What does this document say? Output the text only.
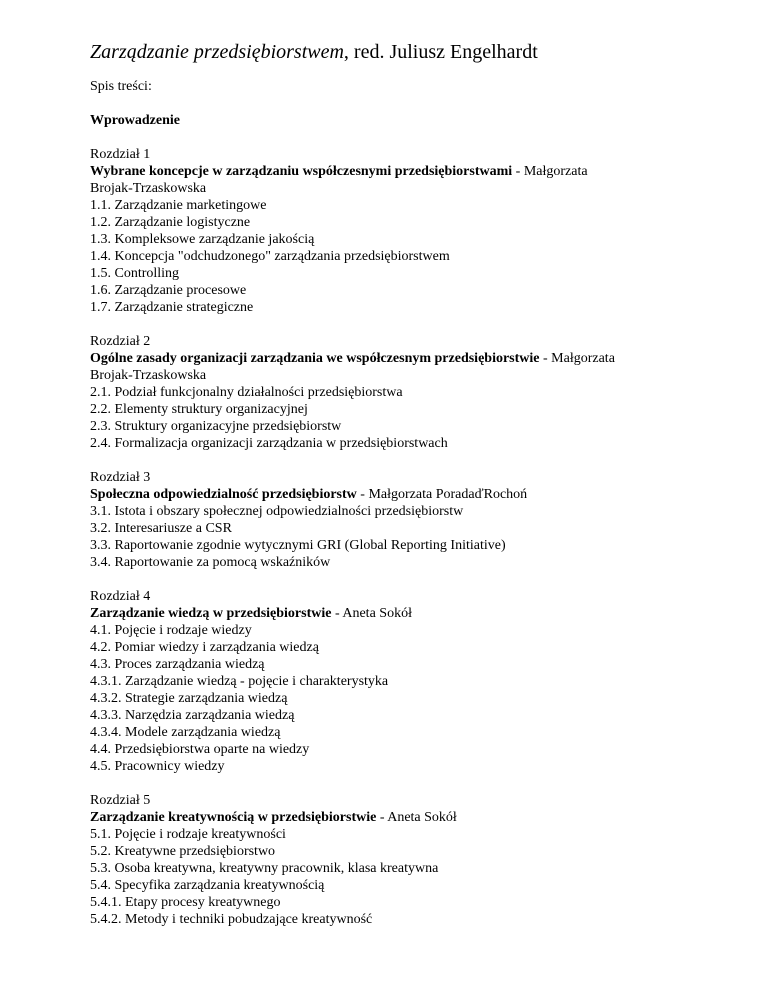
Zarządzanie przedsiębiorstwem, red. Juliusz Engelhardt

Spis treści:

Wprowadzenie

Rozdział 1

Wybrane koncepcje w zarządzaniu współczesnymi przedsiębiorstwami - Małgorzata
Brojak-Trzaskowska

1.1. Zarządzanie marketingowe

1.2. Zarządzanie logistyczne

1.3. Kompleksowe zarządzanie jakością

1.4. Koncepcja "odchudzonego" zarządzania przedsiębiorstwem

1.5. Controlling

1.6. Zarządzanie procesowe

1.7. Zarządzanie strategiczne

Rozdział 2

Ogólne zasady organizacji zarządzania we współczesnym przedsiębiorstwie - Małgorzata
Brojak-Trzaskowska

2.1. Podział funkcjonalny działalności przedsiębiorstwa

2.2. Elementy struktury organizacyjnej

2.3. Struktury organizacyjne przedsiębiorstw

2.4. Formalizacja organizacji zarządzania w przedsiębiorstwach

Rozdział 3

Społeczna odpowiedzialność przedsiębiorstw - Małgorzata PoradaďRochoń

3.1. Istota i obszary społecznej odpowiedzialności przedsiębiorstw

3.2. Interesariusze a CSR

3.3. Raportowanie zgodnie wytycznymi GRI (Global Reporting Initiative)

3.4. Raportowanie za pomocą wskaźników

Rozdział 4

Zarządzanie wiedzą w przedsiębiorstwie - Aneta Sokół

4.1. Pojęcie i rodzaje wiedzy

4.2. Pomiar wiedzy i zarządzania wiedzą

4.3. Proces zarządzania wiedzą

4.3.1. Zarządzanie wiedzą - pojęcie i charakterystyka

4.3.2. Strategie zarządzania wiedzą

4.3.3. Narzędzia zarządzania wiedzą

4.3.4. Modele zarządzania wiedzą

4.4. Przedsiębiorstwa oparte na wiedzy

4.5. Pracownicy wiedzy

Rozdział 5

Zarządzanie kreatywnością w przedsiębiorstwie - Aneta Sokół

5.1. Pojęcie i rodzaje kreatywności

5.2. Kreatywne przedsiębiorstwo

5.3. Osoba kreatywna, kreatywny pracownik, klasa kreatywna

5.4. Specyfika zarządzania kreatywnością

5.4.1. Etapy procesy kreatywnego

5.4.2. Metody i techniki pobudzające kreatywność
